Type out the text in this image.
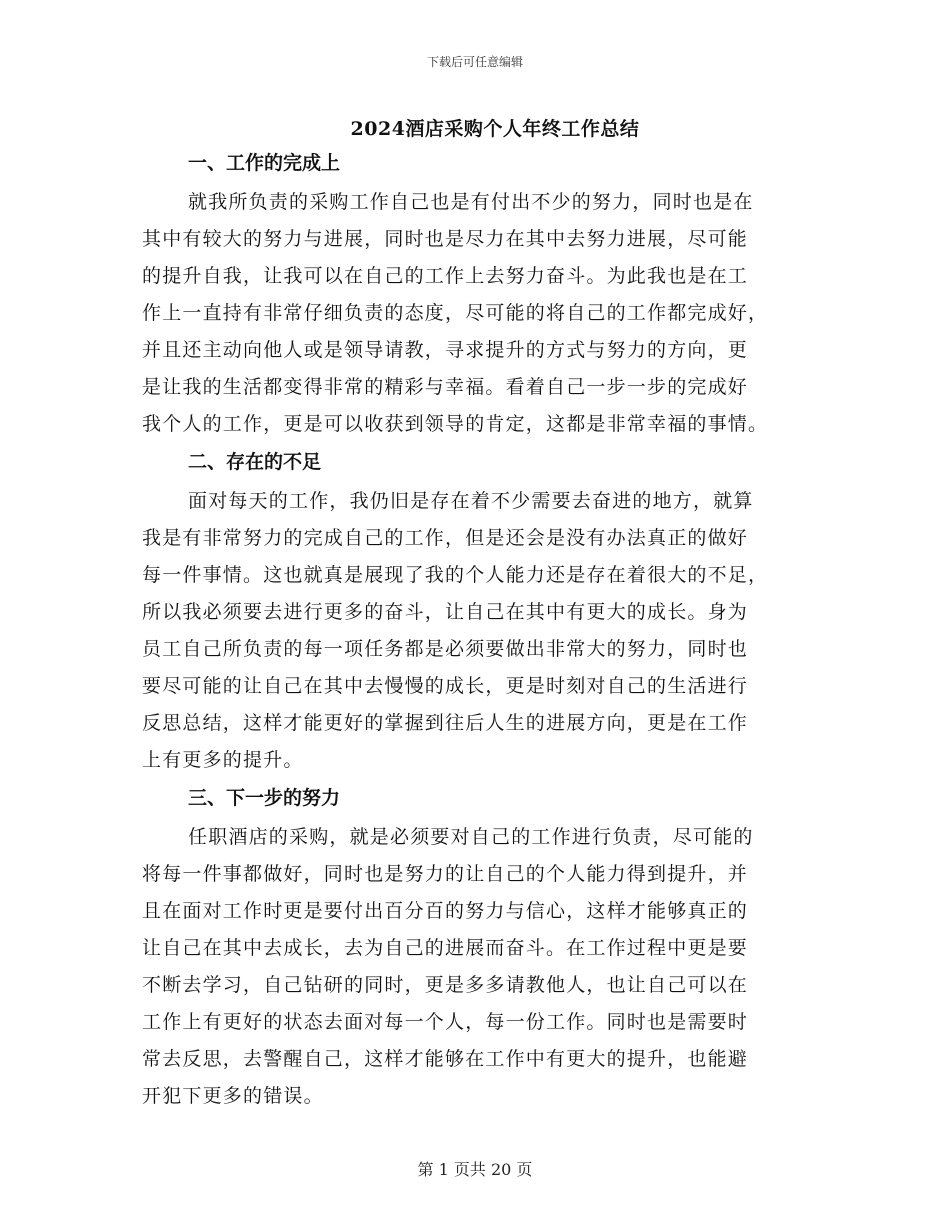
下载后可任意编辑
2024酒店采购个人年终工作总结
一、工作的完成上
就我所负责的采购工作自己也是有付出不少的努力，同时也是在
其中有较大的努力与进展，同时也是尽力在其中去努力进展，尽可能
的提升自我，让我可以在自己的工作上去努力奋斗。为此我也是在工
作上一直持有非常仔细负责的态度，尽可能的将自己的工作都完成好，
并且还主动向他人或是领导请教，寻求提升的方式与努力的方向，更
是让我的生活都变得非常的精彩与幸福。看着自己一步一步的完成好
我个人的工作，更是可以收获到领导的肯定，这都是非常幸福的事情。
二、存在的不足
面对每天的工作，我仍旧是存在着不少需要去奋进的地方，就算
我是有非常努力的完成自己的工作，但是还会是没有办法真正的做好
每一件事情。这也就真是展现了我的个人能力还是存在着很大的不足，
所以我必须要去进行更多的奋斗，让自己在其中有更大的成长。身为
员工自己所负责的每一项任务都是必须要做出非常大的努力，同时也
要尽可能的让自己在其中去慢慢的成长，更是时刻对自己的生活进行
反思总结，这样才能更好的掌握到往后人生的进展方向，更是在工作
上有更多的提升。
三、下一步的努力
任职酒店的采购，就是必须要对自己的工作进行负责，尽可能的
将每一件事都做好，同时也是努力的让自己的个人能力得到提升，并
且在面对工作时更是要付出百分百的努力与信心，这样才能够真正的
让自己在其中去成长，去为自己的进展而奋斗。在工作过程中更是要
不断去学习，自己钻研的同时，更是多多请教他人，也让自己可以在
工作上有更好的状态去面对每一个人，每一份工作。同时也是需要时
常去反思，去警醒自己，这样才能够在工作中有更大的提升，也能避
开犯下更多的错误。
第 1 页共 20 页
